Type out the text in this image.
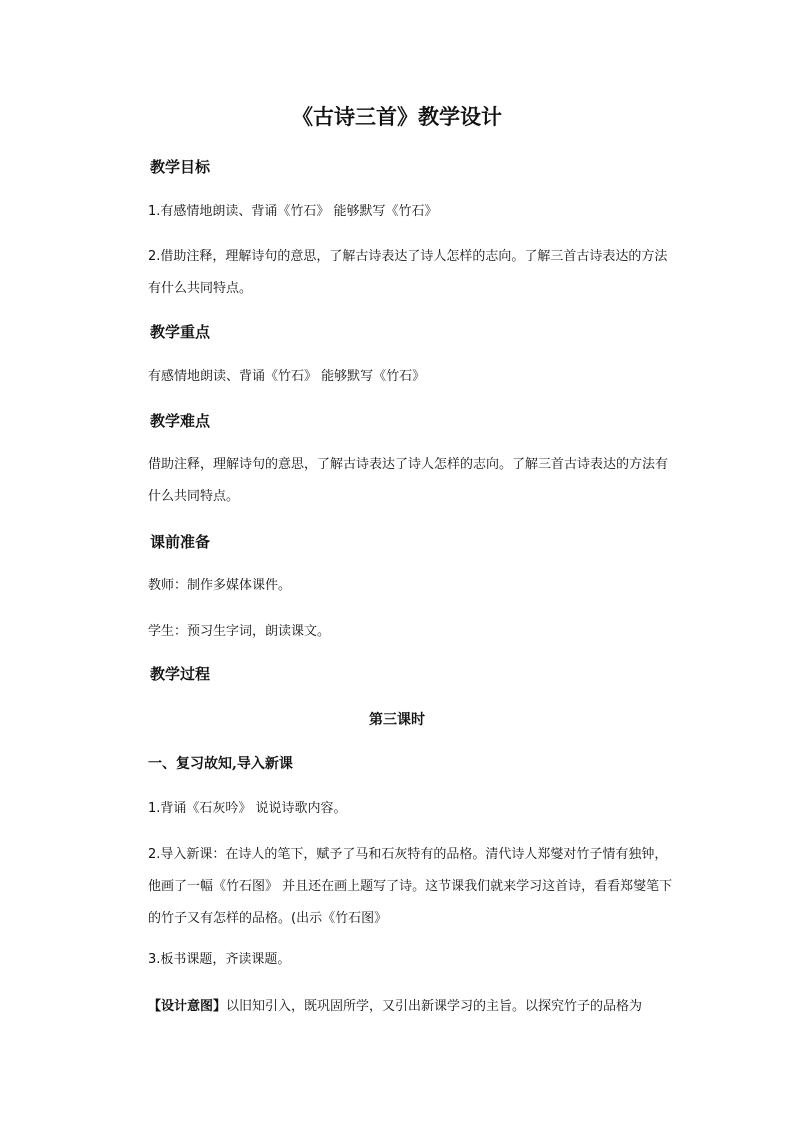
《古诗三首》教学设计
教学目标
1.有感情地朗读、背诵《竹石》 能够默写《竹石》
2.借助注释，理解诗句的意思，了解古诗表达了诗人怎样的志向。了解三首古诗表达的方法有什么共同特点。
教学重点
有感情地朗读、背诵《竹石》 能够默写《竹石》
教学难点
借助注释，理解诗句的意思，了解古诗表达了诗人怎样的志向。了解三首古诗表达的方法有什么共同特点。
课前准备
教师：制作多媒体课件。
学生：预习生字词，朗读课文。
教学过程
第三课时
一、复习故知,导入新课
1.背诵《石灰吟》 说说诗歌内容。
2.导入新课：在诗人的笔下，赋予了马和石灰特有的品格。清代诗人郑燮对竹子情有独钟，他画了一幅《竹石图》 并且还在画上题写了诗。这节课我们就来学习这首诗，看看郑燮笔下的竹子又有怎样的品格。(出示《竹石图》
3.板书课题，齐读课题。
【设计意图】以旧知引入，既巩固所学，又引出新课学习的主旨。以探究竹子的品格为
